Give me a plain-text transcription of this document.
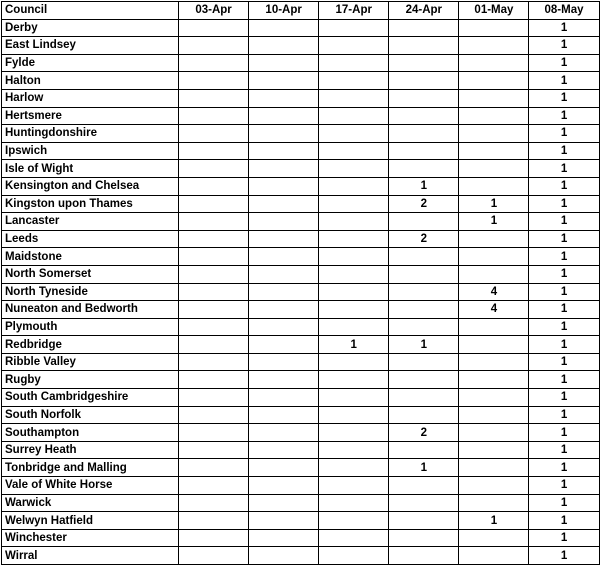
Council	03-Apr	10-Apr	17-Apr	24-Apr	01-May	08-May
Derby						1
East Lindsey						1
Fylde						1
Halton						1
Harlow						1
Hertsmere						1
Huntingdonshire						1
Ipswich						1
Isle of Wight						1
Kensington and Chelsea				1		1
Kingston upon Thames				2	1	1
Lancaster					1	1
Leeds				2		1
Maidstone						1
North Somerset						1
North Tyneside					4	1
Nuneaton and Bedworth					4	1
Plymouth						1
Redbridge			1	1		1
Ribble Valley						1
Rugby						1
South Cambridgeshire						1
South Norfolk						1
Southampton				2		1
Surrey Heath						1
Tonbridge and Malling				1		1
Vale of White Horse						1
Warwick						1
Welwyn Hatfield					1	1
Winchester						1
Wirral						1
